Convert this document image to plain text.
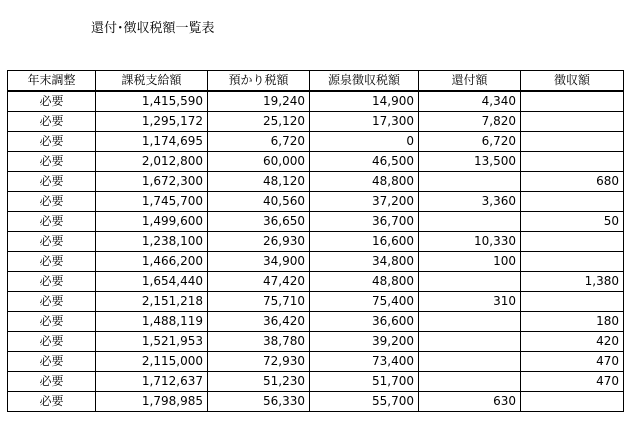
還付･徴収税額一覧表
年末調整	課税支給額	預かり税額	源泉徴収税額	還付額	徴収額
必要	1,415,590	19,240	14,900	4,340	
必要	1,295,172	25,120	17,300	7,820	
必要	1,174,695	6,720	0	6,720	
必要	2,012,800	60,000	46,500	13,500	
必要	1,672,300	48,120	48,800		680
必要	1,745,700	40,560	37,200	3,360	
必要	1,499,600	36,650	36,700		50
必要	1,238,100	26,930	16,600	10,330	
必要	1,466,200	34,900	34,800	100	
必要	1,654,440	47,420	48,800		1,380
必要	2,151,218	75,710	75,400	310	
必要	1,488,119	36,420	36,600		180
必要	1,521,953	38,780	39,200		420
必要	2,115,000	72,930	73,400		470
必要	1,712,637	51,230	51,700		470
必要	1,798,985	56,330	55,700	630	
